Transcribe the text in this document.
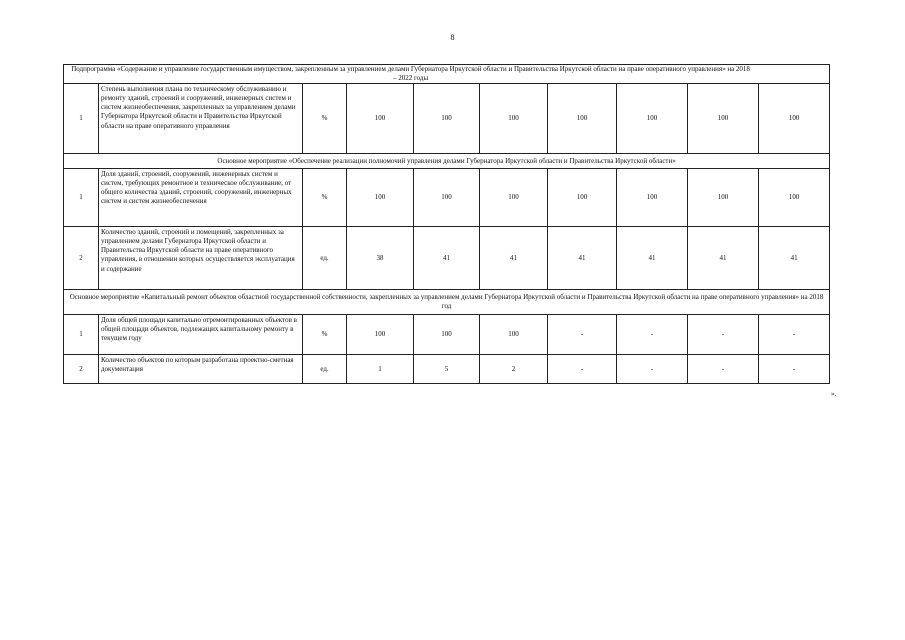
8
Подпрограмма «Содержание и управление государственным имуществом, закрепленным за управлением делами Губернатора Иркутской области и Правительства Иркутской области на праве оперативного управления» на 2018 – 2022 годы									
1	Степень выполнения плана по техническому обслуживанию и ремонту зданий, строений и сооружений, инженерных систем и систем жизнеобеспечения, закрепленных за управлением делами Губернатора Иркутской области и Правительства Иркутской области на праве оперативного управления	%	100	100	100	100	100	100	100
Основное мероприятие «Обеспечение реализации полномочий управления делами Губернатора Иркутской области и Правительства Иркутской области»									
1	Доля зданий, строений, сооружений, инженерных систем и систем, требующих ремонтное и техническое обслуживание, от общего количества зданий, строений, сооружений, инженерных систем и систем жизнеобеспечения	%	100	100	100	100	100	100	100
2	Количество зданий, строений и помещений, закрепленных за управлением делами Губернатора Иркутской области и Правительства Иркутской области на праве оперативного управления, в отношении которых осуществляется эксплуатация и содержание	ед.	38	41	41	41	41	41	41
Основное мероприятие «Капитальный ремонт объектов областной государственной собственности, закрепленных за управлением делами Губернатора Иркутской области и Правительства Иркутской области на праве оперативного управления» на 2018 год									
1	Доля общей площади капитально отремонтированных объектов в общей площади объектов, подлежащих капитальному ремонту в текущем году	%	100	100	100	-	-	-	-
2	Количество объектов по которым разработана проектно-сметная документация	ед.	1	5	2	-	-	-	-
».
